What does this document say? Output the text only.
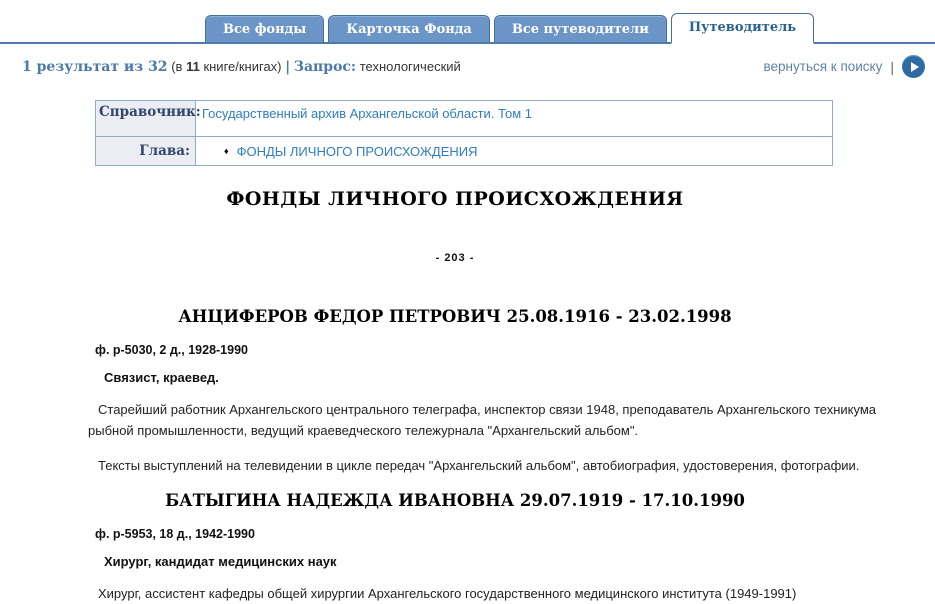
Все фонды	Карточка Фонда	Все путеводители	Путеводитель
1 результат из 32 (в 11 книге/книгах) | Запрос: технологический	вернуться к поиску |
Справочник:	Государственный архив Архангельской области. Том 1
Глава:	♦ ФОНДЫ ЛИЧНОГО ПРОИСХОЖДЕНИЯ
ФОНДЫ ЛИЧНОГО ПРОИСХОЖДЕНИЯ
- 203 -
АНЦИФЕРОВ ФЕДОР ПЕТРОВИЧ 25.08.1916 - 23.02.1998
ф. р-5030, 2 д., 1928-1990
Связист, краевед.

Старейший работник Архангельского центрального телеграфа, инспектор связи 1948, преподаватель Архангельского техникума рыбной промышленности, ведущий краеведческого тележурнала "Архангельский альбом".

Тексты выступлений на телевидении в цикле передач "Архангельский альбом", автобиография, удостоверения, фотографии.

БАТЫГИНА НАДЕЖДА ИВАНОВНА 29.07.1919 - 17.10.1990
ф. р-5953, 18 д., 1942-1990
Хирург, кандидат медицинских наук

Хирург, ассистент кафедры общей хирургии Архангельского государственного медицинского института (1949-1991)
